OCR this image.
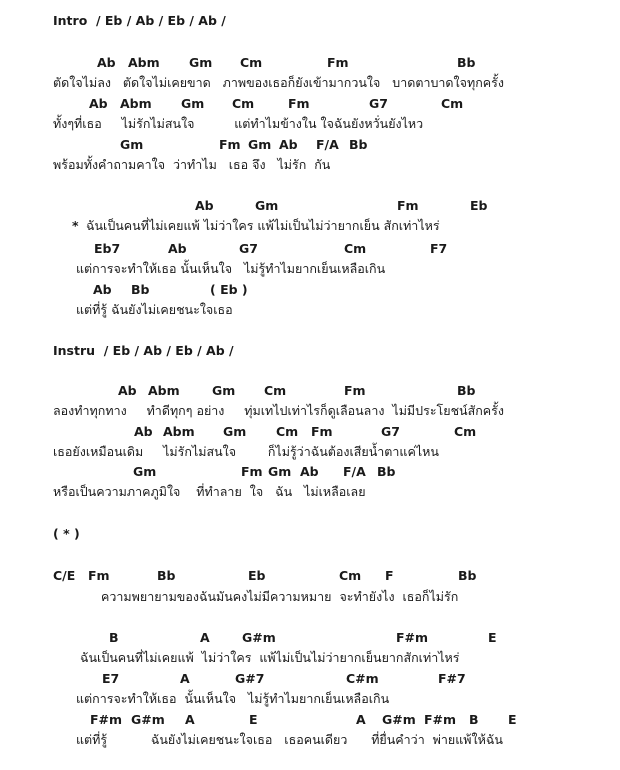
Intro  / Eb / Ab / Eb / Ab /
Ab Abm Gm Cm	Fm	Bb
ตัดใจไม่ลง   ตัดใจไม่เคยขาด   ภาพของเธอก็ยังเข้ามากวนใจ   บาดตาบาดใจทุกครั้ง
Ab Abm Gm Cm	Fm	G7	Cm
ทั้งๆที่เธอ     ไม่รักไม่สนใจ          แต่ทำไมข้างใน ใจฉันยังหวั่นยังไหว
Gm	Fm Gm Ab F/A Bb
พร้อมทั้งคำถามคาใจ  ว่าทำไม   เธอ จึง   ไม่รัก  กัน
Ab	Gm	Fm	Eb
* ฉันเป็นคนที่ไม่เคยแพ้ ไม่ว่าใคร แพ้ไม่เป็นไม่ว่ายากเย็น สักเท่าไหร่
Eb7	Ab	G7	Cm	F7
แต่การจะทำให้เธอ นั้นเห็นใจ   ไม่รู้ทำไมยากเย็นเหลือเกิน
Ab Bb	( Eb )
แต่ที่รู้ ฉันยังไม่เคยชนะใจเธอ
Instru  / Eb / Ab / Eb / Ab /
Ab Abm	Gm Cm	Fm	Bb
ลองทำทุกทาง     ทำดีทุกๆ อย่าง     ทุ่มเทไปเท่าไรก็ดูเลือนลาง  ไม่มีประโยชน์สักครั้ง
Ab Abm Gm Cm Fm	G7	Cm
เธอยังเหมือนเดิม     ไม่รักไม่สนใจ        ก็ไม่รู้ว่าฉันต้องเสียน้ำตาแค่ไหน
Gm	Fm Gm Ab F/A Bb
หรือเป็นความภาคภูมิใจ    ที่ทำลาย  ใจ   ฉัน   ไม่เหลือเลย
( * )
C/E Fm	Bb	Eb	Cm F	Bb
ความพยายามของฉันมันคงไม่มีความหมาย  จะทำยังไง  เธอก็ไม่รัก
B	A	G#m	F#m	E
ฉันเป็นคนที่ไม่เคยแพ้  ไม่ว่าใคร  แพ้ไม่เป็นไม่ว่ายากเย็นยากสักเท่าไหร่
E7	A	G#7	C#m	F#7
แต่การจะทำให้เธอ  นั้นเห็นใจ   ไม่รู้ทำไมยากเย็นเหลือเกิน
F#m G#m A	E	A G#m F#m B E
แต่ที่รู้           ฉันยังไม่เคยชนะใจเธอ   เธอคนเดียว      ที่ยื่นคำว่า  พ่ายแพ้ให้ฉัน
